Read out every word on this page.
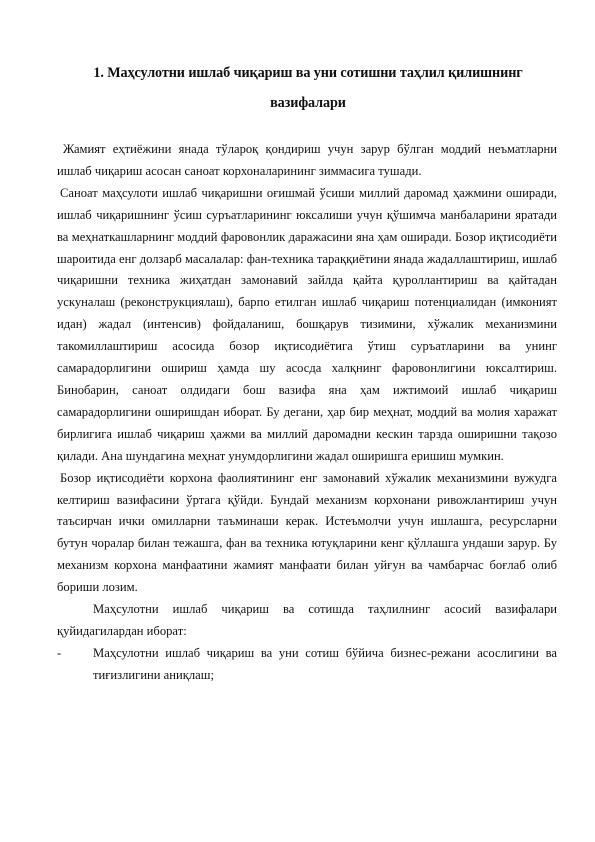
1. Маҳсулотни ишлаб чиқариш ва уни сотишни таҳлил қилишнинг
вазифалари

Жамият еҳтиёжини янада тўлароқ қондириш учун зарур бўлган моддий неъматларни ишлаб чиқариш асосан саноат корхоналарининг зиммасига тушади.

Саноат маҳсулоти ишлаб чиқаришни оғишмай ўсиши миллий даромад ҳажмини оширади, ишлаб чиқаришнинг ўсиш суръатларининг юксалиши учун қўшимча манбаларини яратади ва меҳнаткашларнинг моддий фаровонлик даражасини яна ҳам оширади. Бозор иқтисодиёти шароитида енг долзарб масалалар: фан-техника тараққиётини янада жадаллаштириш, ишлаб чиқаришни техника жиҳатдан замонавий зайлда қайта қуроллантириш ва қайтадан ускуналаш (реконструкциялаш), барпо етилган ишлаб чиқариш потенциалидан (имконият идан) жадал (интенсив) фойдаланиш, бошқарув тизимини, хўжалик механизмини такомиллаштириш асосида бозор иқтисодиётига ўтиш суръатларини ва унинг самарадорлигини ошириш ҳамда шу асосда халқнинг фаровонлигини юксалтириш. Бинобарин, саноат олдидаги бош вазифа яна ҳам ижтимоий ишлаб чиқариш самарадорлигини оширишдан иборат. Бу дегани, ҳар бир меҳнат, моддий ва молия харажат бирлигига ишлаб чиқариш ҳажми ва миллий даромадни кескин тарзда оширишни тақозо қилади. Ана шундагина меҳнат унумдорлигини жадал оширишга еришиш мумкин.

Бозор иқтисодиёти корхона фаолиятининг енг замонавий хўжалик механизмини вужудга келтириш вазифасини ўртага қўйди. Бундай механизм корхонани ривожлантириш учун таъсирчан ички омилларни таъминаши керак. Истеъмолчи учун ишлашга, ресурсларни бутун чоралар билан тежашга, фан ва техника ютуқларини кенг қўллашга ундаши зарур. Бу механизм корхона манфаатини жамият манфаати билан уйғун ва чамбарчас боғлаб олиб бориши лозим.

Маҳсулотни ишлаб чиқариш ва сотишда таҳлилнинг асосий вазифалари қуйидагилардан иборат:

-	Маҳсулотни ишлаб чиқариш ва уни сотиш бўйича бизнес-режани асослигини ва тиғизлигини аниқлаш;
